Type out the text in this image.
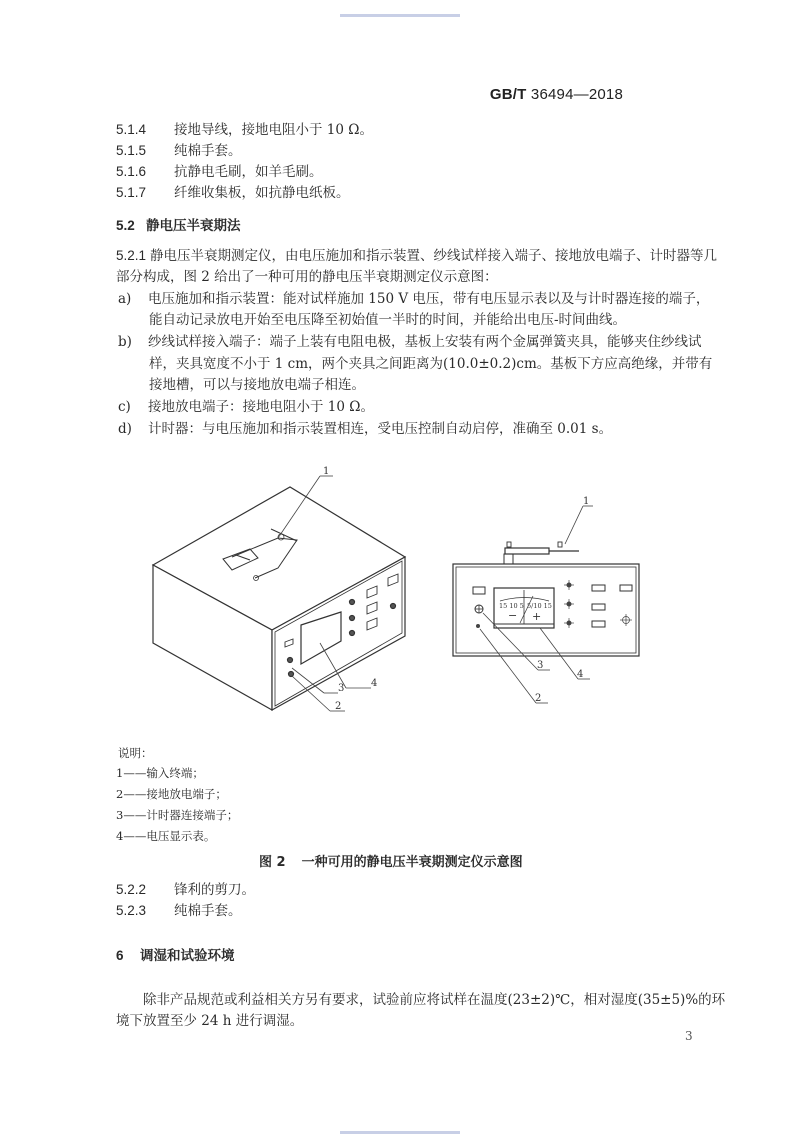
GB/T 36494—2018
5.1.4 接地导线，接地电阻小于 10 Ω。
5.1.5 纯棉手套。
5.1.6 抗静电毛刷，如羊毛刷。
5.1.7 纤维收集板，如抗静电纸板。
5.2 静电压半衰期法
5.2.1 静电压半衰期测定仪，由电压施加和指示装置、纱线试样接入端子、接地放电端子、计时器等几
部分构成，图 2 给出了一种可用的静电压半衰期测定仪示意图：
a) 电压施加和指示装置：能对试样施加 150 V 电压，带有电压显示表以及与计时器连接的端子，
能自动记录放电开始至电压降至初始值一半时的时间，并能给出电压-时间曲线。
b) 纱线试样接入端子：端子上装有电阻电极，基板上安装有两个金属弹簧夹具，能够夹住纱线试
样，夹具宽度不小于 1 cm，两个夹具之间距离为(10.0±0.2)cm。基板下方应高绝缘，并带有
接地槽，可以与接地放电端子相连。
c) 接地放电端子：接地电阻小于 10 Ω。
d) 计时器：与电压施加和指示装置相连，受电压控制自动启停，准确至 0.01 s。
1
4
3
2
15 10 5 5/10 15
− +
1
3
4
2
说明：
1——输入终端；
2——接地放电端子；
3——计时器连接端子；
4——电压显示表。
图 2 一种可用的静电压半衰期测定仪示意图
5.2.2 锋利的剪刀。
5.2.3 纯棉手套。
6 调湿和试验环境
除非产品规范或利益相关方另有要求，试验前应将试样在温度(23±2)℃，相对湿度(35±5)%的环
境下放置至少 24 h 进行调湿。
3
